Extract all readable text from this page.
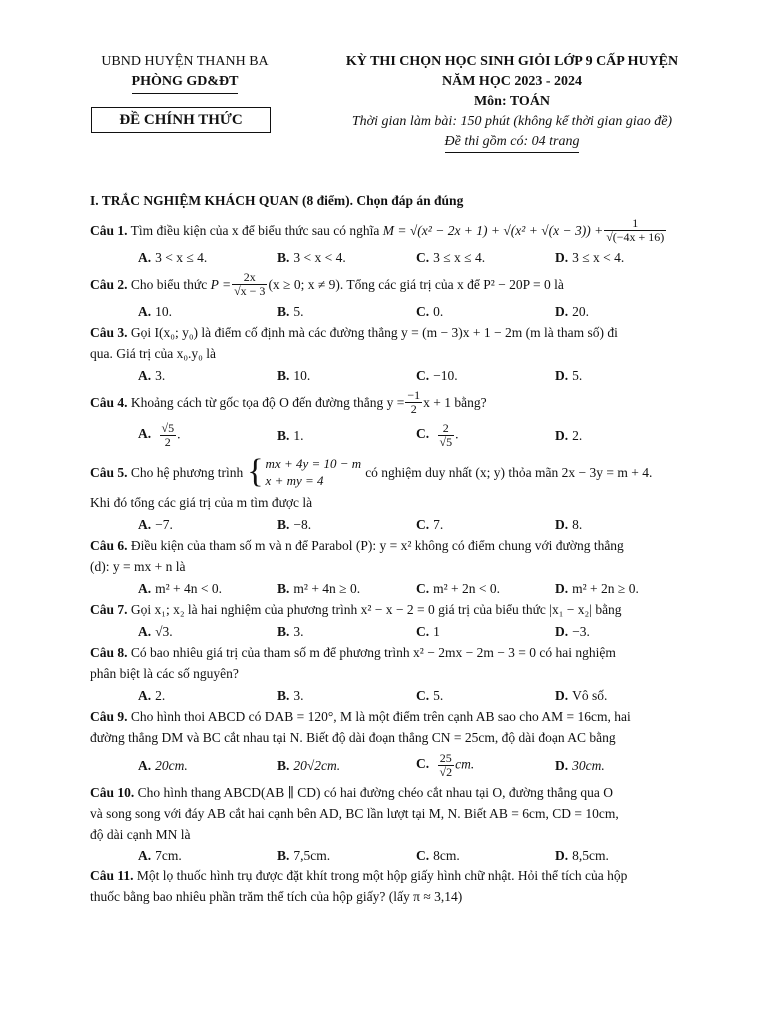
UBND HUYỆN THANH BA
PHÒNG GD&ĐT
ĐỀ CHÍNH THỨC
KỲ THI CHỌN HỌC SINH GIỎI LỚP 9 CẤP HUYỆN
NĂM HỌC 2023 - 2024
Môn: TOÁN
Thời gian làm bài: 150 phút (không kể thời gian giao đề)
Đề thi gồm có: 04 trang
I. TRẮC NGHIỆM KHÁCH QUAN (8 điểm). Chọn đáp án đúng
Câu 1. Tìm điều kiện của x để biểu thức sau có nghĩa $M = √(x^2 - 2x + 1) + √(x^2 + √(x - 3)) + \frac{1}{√(-4x + 16)}$
A. 3 < x ≤ 4.	B. 3 < x < 4.	C. 3 ≤ x ≤ 4.	D. 3 ≤ x < 4.
Câu 2.
Cho biểu thức
$P = \frac{2x}{√x - 3} (x \ge 0$; x ≠ 9). Tổng các giá trị của x để P² − 20P = 0 là
A. 10.	B. 5.	C. 0.	D. 20.
Câu 3. Gọi I(x₀; y₀) là điểm cố định mà các đường thẳng y = (m − 3)x + 1 − 2m (m là tham số) đi
qua. Giá trị của x₀.y₀ là
A. 3.	B. 10.	C. −10.	D. 5.
Câu 4.
Khoảng cách từ gốc tọa độ O đến đường thẳng $y = \frac{-1}{2}$ x + 1 bằng?
A. $\frac{√5}{2}$ .	B. 1.	C. $\frac{2}{√5}$ .	D. 2.
Câu 5.
Cho hệ phương trình { mx + 4y = 10 − m
x + my = 4
có nghiệm duy nhất (x; y) thỏa mãn 2x − 3y = m + 4.
Khi đó tổng các giá trị của m tìm được là
A. −7.	B. −8.	C. 7.	D. 8.
Câu 6. Điều kiện của tham số m và n để Parabol (P): y = x² không có điểm chung với đường thẳng
(d): y = mx + n là
A. m² + 4n < 0.	B. m² + 4n ≥ 0.	C. m² + 2n < 0.	D. m² + 2n ≥ 0.
Câu 7. Gọi x₁; x₂ là hai nghiệm của phương trình x² − x − 2 = 0 giá trị của biểu thức |x₁ − x₂| bằng
A. √3.	B. 3.	C. 1	D. −3.
Câu 8. Có bao nhiêu giá trị của tham số m để phương trình x² − 2mx − 2m − 3 = 0 có hai nghiệm
phân biệt là các số nguyên?
A. 2.	B. 3.	C. 5.	D. Vô số.
Câu 9. Cho hình thoi ABCD có DAB = 120°, M là một điểm trên cạnh AB sao cho AM = 16cm, hai
đường thẳng DM và BC cắt nhau tại N. Biết độ dài đoạn thẳng CN = 25cm, độ dài đoạn AC bằng
A. 20cm.	B. 20√2cm.	C. $\frac{25}{√2}$ cm.	D. 30cm.
Câu 10. Cho hình thang ABCD(AB ∥ CD) có hai đường chéo cắt nhau tại O, đường thẳng qua O
và song song với đáy AB cắt hai cạnh bên AD, BC lần lượt tại M, N. Biết AB = 6cm, CD = 10cm,
độ dài cạnh MN là
A. 7cm.	B. 7,5cm.	C. 8cm.	D. 8,5cm.
Câu 11. Một lọ thuốc hình trụ được đặt khít trong một hộp giấy hình chữ nhật. Hỏi thể tích của hộp
thuốc bằng bao nhiêu phần trăm thể tích của hộp giấy? (lấy π ≈ 3,14)
